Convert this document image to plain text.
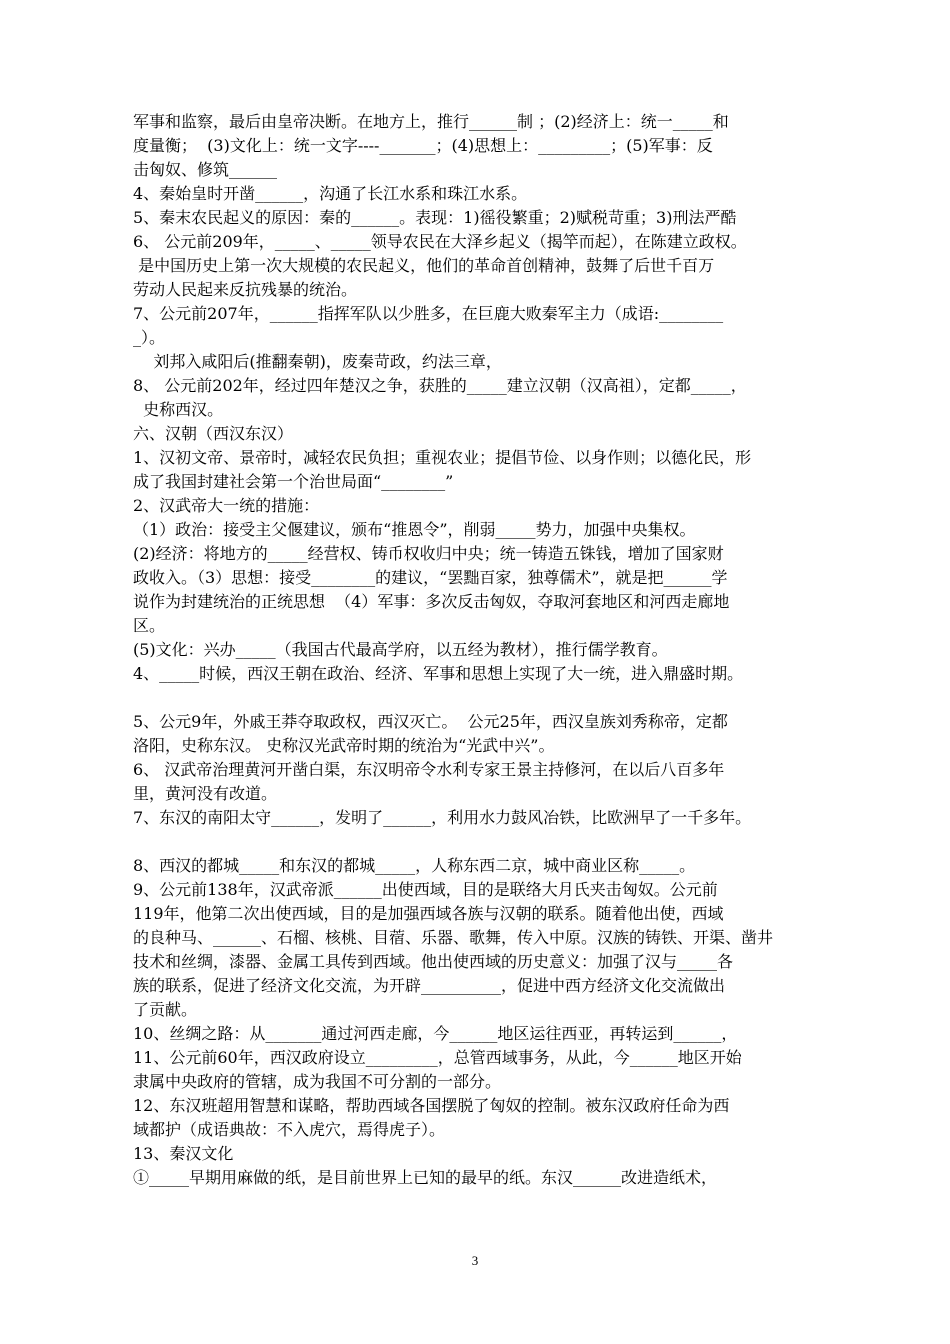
军事和监察，最后由皇帝决断。在地方上，推行______制 ；(2)经济上：统一_____和
度量衡；  (3)文化上：统一文字----_______；(4)思想上：_________；(5)军事：反
击匈奴、修筑______
4、秦始皇时开凿______，沟通了长江水系和珠江水系。
5、秦末农民起义的原因：秦的______。表现：1)徭役繁重；2)赋税苛重；3)刑法严酷
6、 公元前209年，_____、_____领导农民在大泽乡起义（揭竿而起），在陈建立政权。
是中国历史上第一次大规模的农民起义，他们的革命首创精神，鼓舞了后世千百万
劳动人民起来反抗残暴的统治。
7、公元前207年，______指挥军队以少胜多，在巨鹿大败秦军主力（成语:________
_）。
刘邦入咸阳后(推翻秦朝)，废秦苛政，约法三章，
8、 公元前202年，经过四年楚汉之争，获胜的_____建立汉朝（汉高祖），定都_____，
史称西汉。
六、汉朝（西汉东汉）
1、汉初文帝、景帝时，减轻农民负担；重视农业；提倡节俭、以身作则；以德化民，形
成了我国封建社会第一个治世局面“________”
2、汉武帝大一统的措施：
（1）政治：接受主父偃建议，颁布“推恩令”，削弱_____势力，加强中央集权。
(2)经济：将地方的_____经营权、铸币权收归中央；统一铸造五铢钱，增加了国家财
政收入。（3）思想：接受________的建议，“罢黜百家，独尊儒术”，就是把______学
说作为封建统治的正统思想  （4）军事：多次反击匈奴，夺取河套地区和河西走廊地
区。
(5)文化：兴办_____（我国古代最高学府，以五经为教材），推行儒学教育。
4、_____时候，西汉王朝在政治、经济、军事和思想上实现了大一统，进入鼎盛时期。
5、公元9年，外戚王莽夺取政权，西汉灭亡。  公元25年，西汉皇族刘秀称帝，定都
洛阳，史称东汉。 史称汉光武帝时期的统治为“光武中兴”。
6、 汉武帝治理黄河开凿白渠，东汉明帝令水利专家王景主持修河，在以后八百多年
里，黄河没有改道。
7、东汉的南阳太守______，发明了______，利用水力鼓风冶铁，比欧洲早了一千多年。
8、西汉的都城_____和东汉的都城_____，人称东西二京，城中商业区称_____。
9、公元前138年，汉武帝派______出使西域，目的是联络大月氏夹击匈奴。公元前
119年，他第二次出使西域，目的是加强西域各族与汉朝的联系。随着他出使，西域
的良种马、______、石榴、核桃、目蓿、乐器、歌舞，传入中原。汉族的铸铁、开渠、凿井
技术和丝绸，漆器、金属工具传到西域。他出使西域的历史意义：加强了汉与_____各
族的联系，促进了经济文化交流，为开辟__________，促进中西方经济文化交流做出
了贡献。
10、丝绸之路：从_______通过河西走廊，今______地区运往西亚，再转运到______，
11、公元前60年，西汉政府设立_________，总管西域事务，从此，今______地区开始
隶属中央政府的管辖，成为我国不可分割的一部分。
12、东汉班超用智慧和谋略，帮助西域各国摆脱了匈奴的控制。被东汉政府任命为西
域都护（成语典故：不入虎穴，焉得虎子）。
13、秦汉文化
①_____早期用麻做的纸，是目前世界上已知的最早的纸。东汉______改进造纸术，
3
